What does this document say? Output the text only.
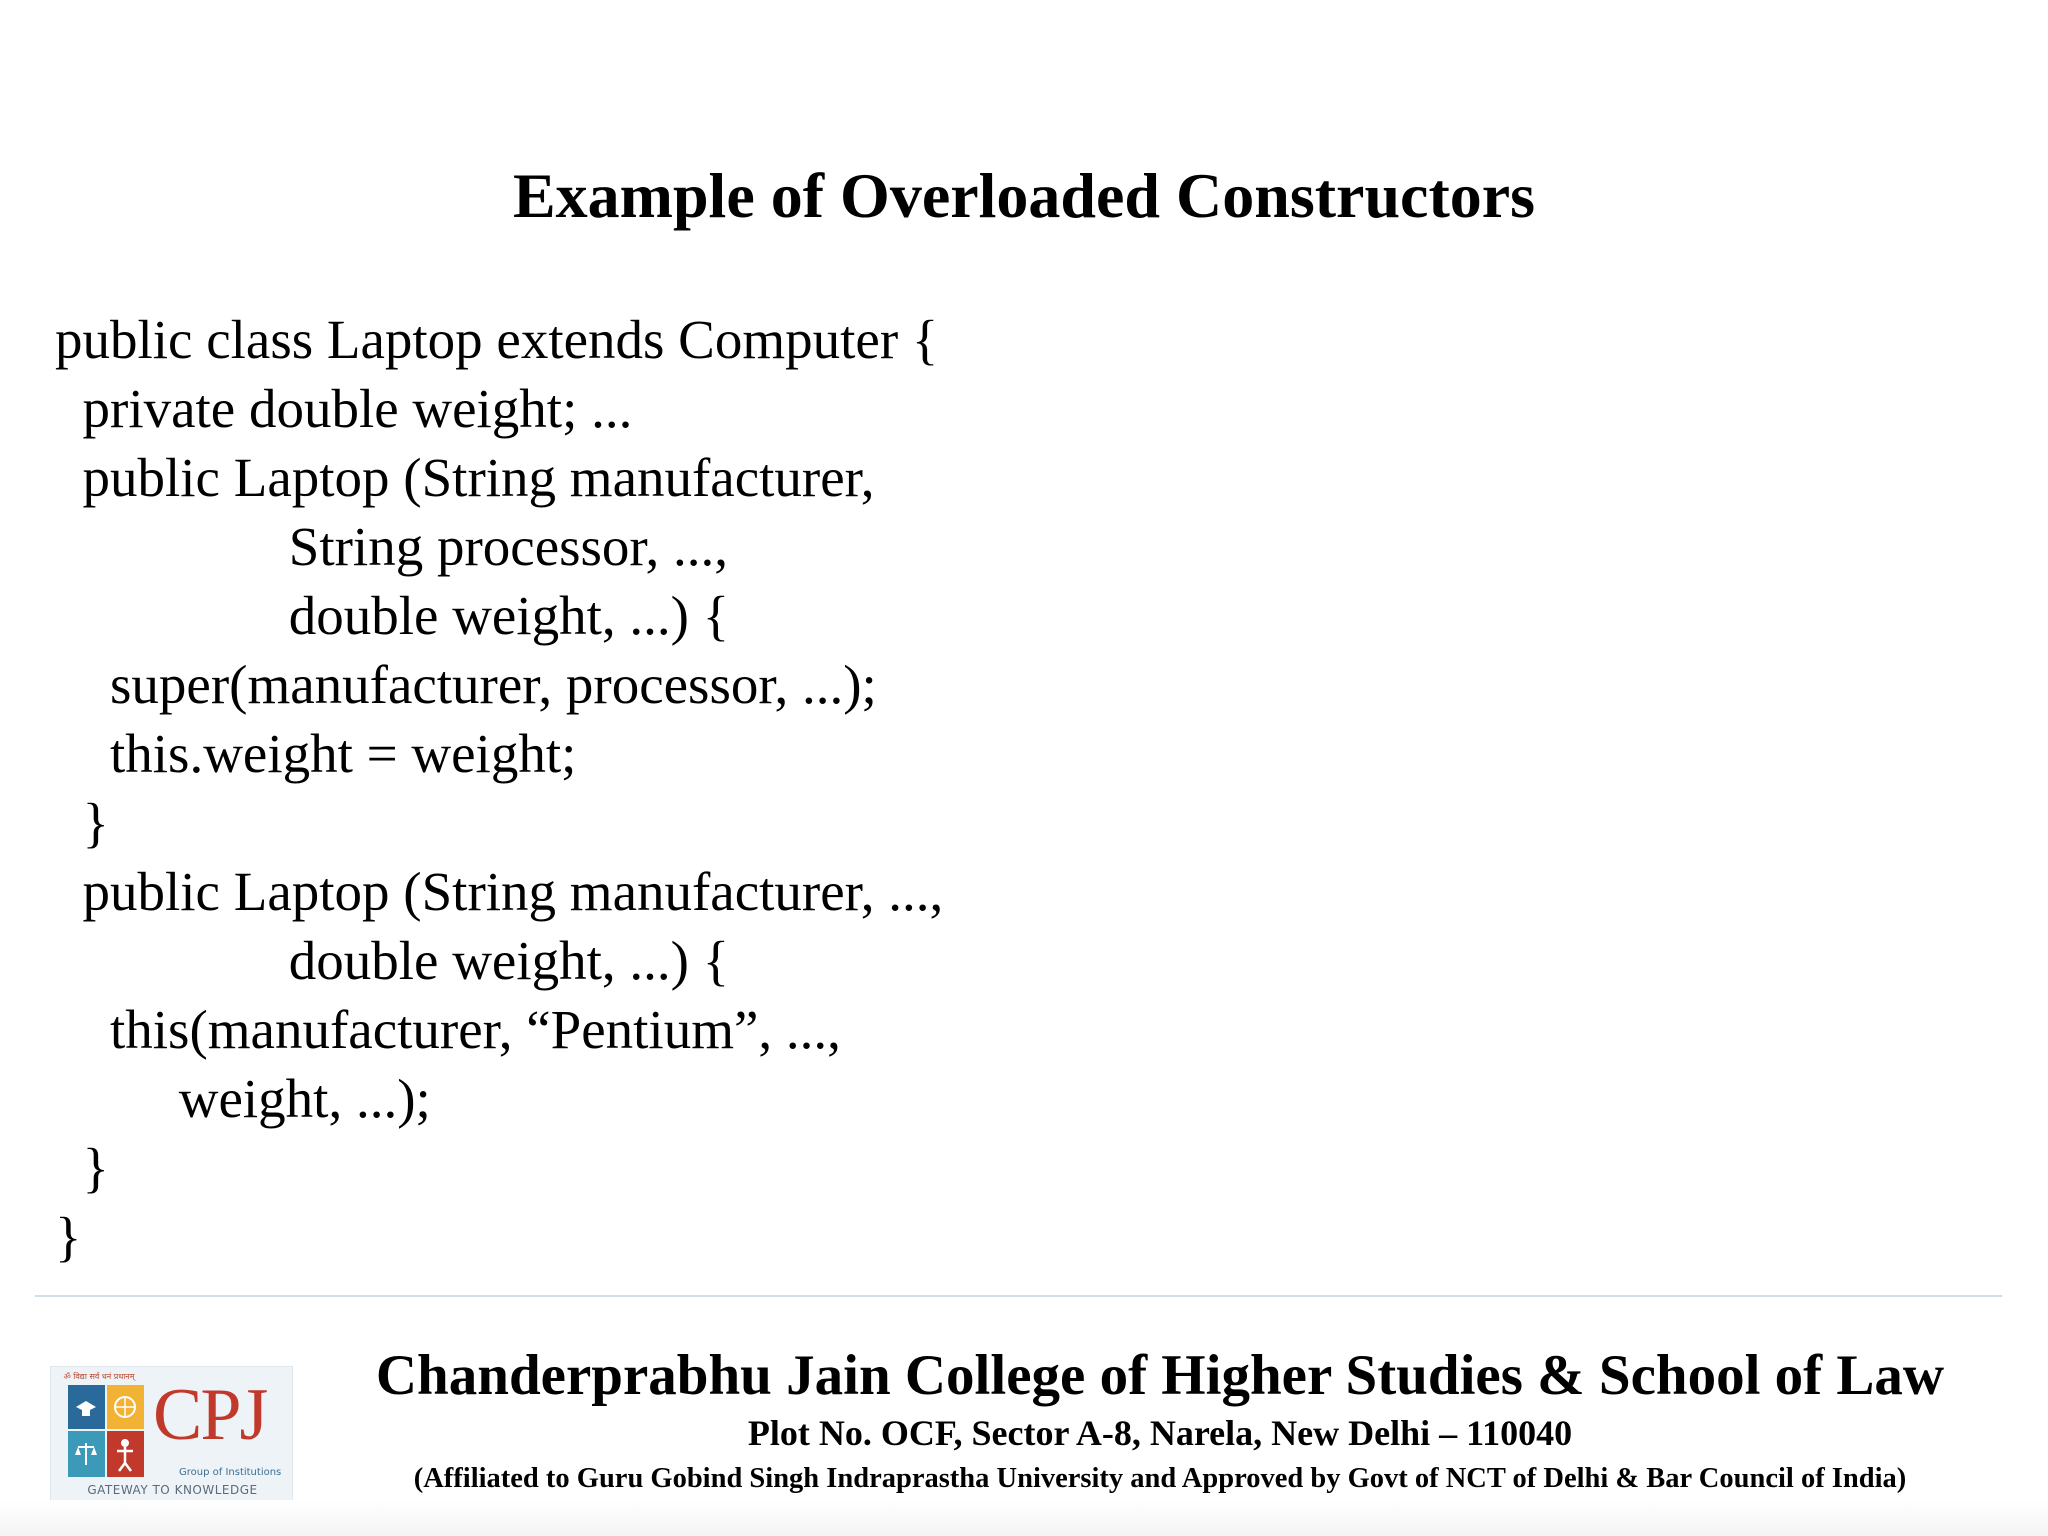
Example of Overloaded Constructors
public class Laptop extends Computer {
private double weight; ...
public Laptop (String manufacturer,
String processor, ...,
double weight, ...) {
super(manufacturer, processor, ...);
this.weight = weight;
}
public Laptop (String manufacturer, ...,
double weight, ...) {
this(manufacturer, “Pentium”, ...,
weight, ...);
}
}
ॐ विद्या सर्व धनं प्रधानम् CPJ
Group of Institutions
GATEWAY TO KNOWLEDGE
Chanderprabhu Jain College of Higher Studies & School of Law
Plot No. OCF, Sector A-8, Narela, New Delhi – 110040
(Affiliated to Guru Gobind Singh Indraprastha University and Approved by Govt of NCT of Delhi & Bar Council of India)
